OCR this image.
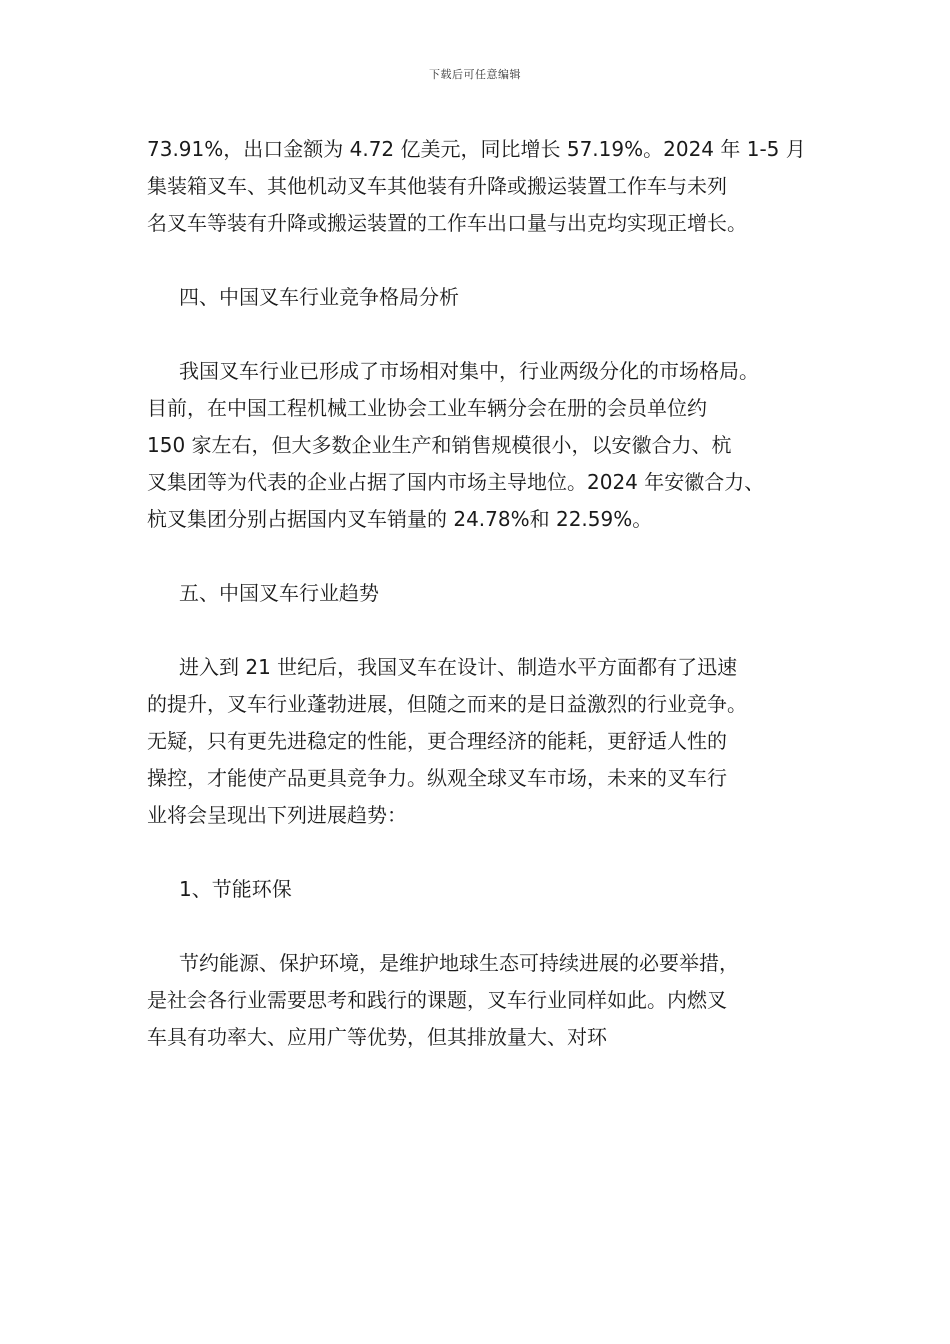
下载后可任意编辑
73.91%，出口金额为 4.72 亿美元，同比增长 57.19%。2024 年 1-5 月
集装箱叉车、其他机动叉车其他装有升降或搬运装置工作车与未列
名叉车等装有升降或搬运装置的工作车出口量与出克均实现正增长。
四、中国叉车行业竞争格局分析
我国叉车行业已形成了市场相对集中，行业两级分化的市场格局。
目前，在中国工程机械工业协会工业车辆分会在册的会员单位约
150 家左右，但大多数企业生产和销售规模很小，以安徽合力、杭
叉集团等为代表的企业占据了国内市场主导地位。2024 年安徽合力、
杭叉集团分别占据国内叉车销量的 24.78%和 22.59%。
五、中国叉车行业趋势
进入到 21 世纪后，我国叉车在设计、制造水平方面都有了迅速
的提升，叉车行业蓬勃进展，但随之而来的是日益激烈的行业竞争。
无疑，只有更先进稳定的性能，更合理经济的能耗，更舒适人性的
操控，才能使产品更具竞争力。纵观全球叉车市场，未来的叉车行
业将会呈现出下列进展趋势：
1、节能环保
节约能源、保护环境，是维护地球生态可持续进展的必要举措，
是社会各行业需要思考和践行的课题，叉车行业同样如此。内燃叉
车具有功率大、应用广等优势，但其排放量大、对环
